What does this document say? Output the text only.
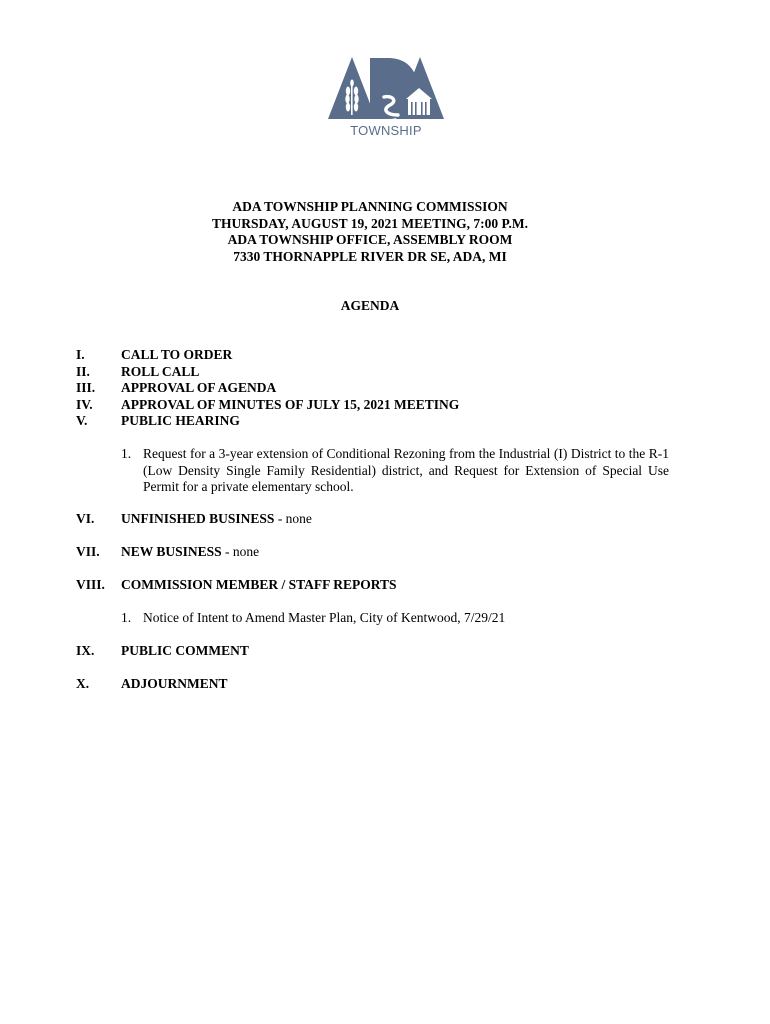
TOWNSHIP
ADA TOWNSHIP PLANNING COMMISSION
THURSDAY, AUGUST 19, 2021 MEETING, 7:00 P.M.
ADA TOWNSHIP OFFICE, ASSEMBLY ROOM
7330 THORNAPPLE RIVER DR SE, ADA, MI
AGENDA
I.	CALL TO ORDER
II. ROLL CALL
III. APPROVAL OF AGENDA
IV. APPROVAL OF MINUTES OF JULY 15, 2021 MEETING
V. PUBLIC HEARING
1. Request for a 3-year extension of Conditional Rezoning from the Industrial (I) District to the R-1 (Low Density Single Family Residential) district, and Request for Extension of Special Use Permit for a private elementary school.
VI. UNFINISHED BUSINESS - none
VII. NEW BUSINESS - none
VIII. COMMISSION MEMBER / STAFF REPORTS
1. Notice of Intent to Amend Master Plan, City of Kentwood, 7/29/21
IX. PUBLIC COMMENT
X. ADJOURNMENT
